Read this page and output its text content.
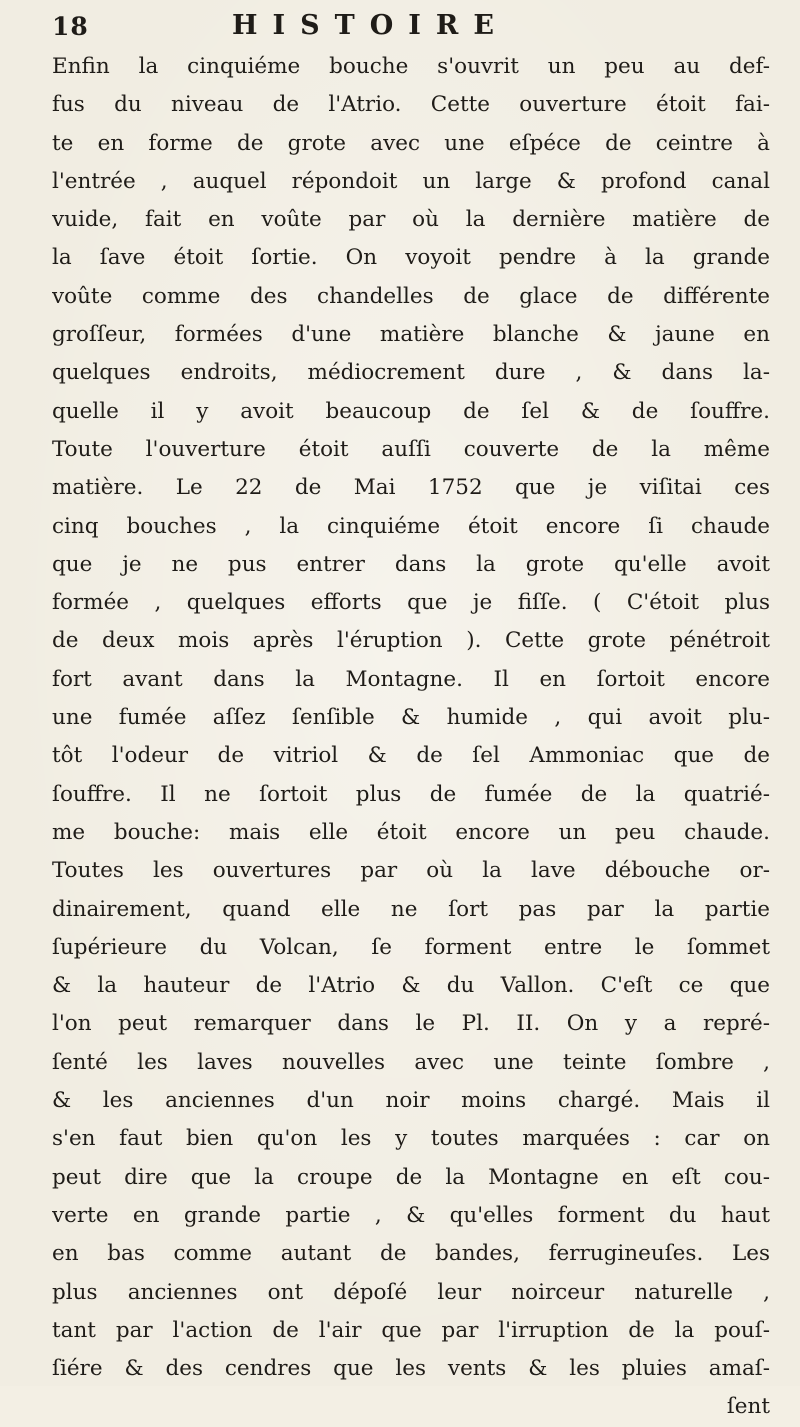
18	HISTOIRE
Enfin la cinquiéme bouche s'ouvrit un peu au def-
fus du niveau de l'Atrio. Cette ouverture étoit fai-
te en forme de grote avec une eſpéce de ceintre à
l'entrée , auquel répondoit un large & profond canal
vuide, fait en voûte par où la dernière matière de
la ſave étoit ſortie. On voyoit pendre à la grande
voûte comme des chandelles de glace de différente
groſſeur, formées d'une matière blanche & jaune en
quelques endroits, médiocrement dure , & dans la-
quelle il y avoit beaucoup de ſel & de ſouffre.
Toute l'ouverture étoit auſſi couverte de la même
matière. Le 22 de Mai 1752 que je viſitai ces
cinq bouches , la cinquiéme étoit encore ſi chaude
que je ne pus entrer dans la grote qu'elle avoit
formée , quelques efforts que je fiſſe. ( C'étoit plus
de deux mois après l'éruption ). Cette grote pénétroit
fort avant dans la Montagne. Il en ſortoit encore
une fumée aſſez ſenſible & humide , qui avoit plu-
tôt l'odeur de vitriol & de ſel Ammoniac que de
ſouffre. Il ne ſortoit plus de fumée de la quatrié-
me bouche: mais elle étoit encore un peu chaude.
Toutes les ouvertures par où la lave débouche or-
dinairement, quand elle ne ſort pas par la partie
ſupérieure du Volcan, ſe forment entre le ſommet
& la hauteur de l'Atrio & du Vallon. C'eſt ce que
l'on peut remarquer dans le Pl. II. On y a repré-
ſenté les laves nouvelles avec une teinte ſombre ,
& les anciennes d'un noir moins chargé. Mais il
s'en faut bien qu'on les y toutes marquées : car on
peut dire que la croupe de la Montagne en eſt cou-
verte en grande partie , & qu'elles forment du haut
en bas comme autant de bandes, ferrugineuſes. Les
plus anciennes ont dépoſé leur noirceur naturelle ,
tant par l'action de l'air que par l'irruption de la pouſ-
ſiére & des cendres que les vents & les pluies amaſ-
ſent
